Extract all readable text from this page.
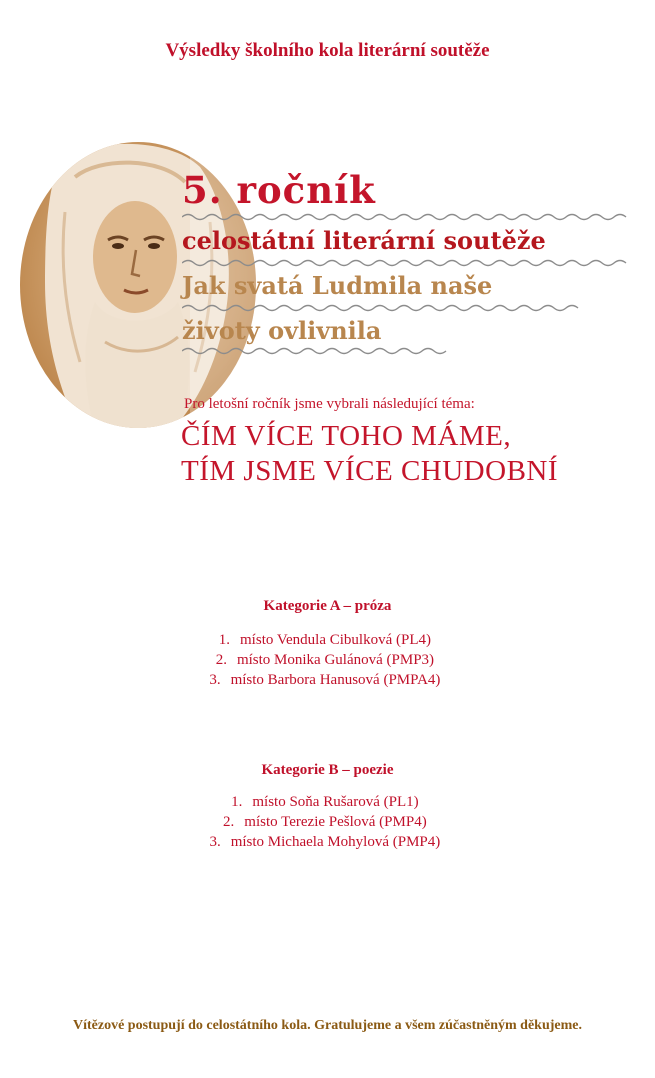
Výsledky školního kola literární soutěže
5. ročník
celostátní literární soutěže
Jak svatá Ludmila naše
životy ovlivnila
Pro letošní ročník jsme vybrali následující téma:
ČÍM VÍCE TOHO MÁME,
TÍM JSME VÍCE CHUDOBNÍ
Kategorie A – próza
1. místo Vendula Cibulková (PL4)
2. místo Monika Gulánová (PMP3)
3. místo Barbora Hanusová (PMPA4)
Kategorie B – poezie
1. místo Soňa Rušarová (PL1)
2. místo Terezie Pešlová (PMP4)
3. místo Michaela Mohylová (PMP4)
Vítězové postupují do celostátního kola. Gratulujeme a všem zúčastněným děkujeme.
